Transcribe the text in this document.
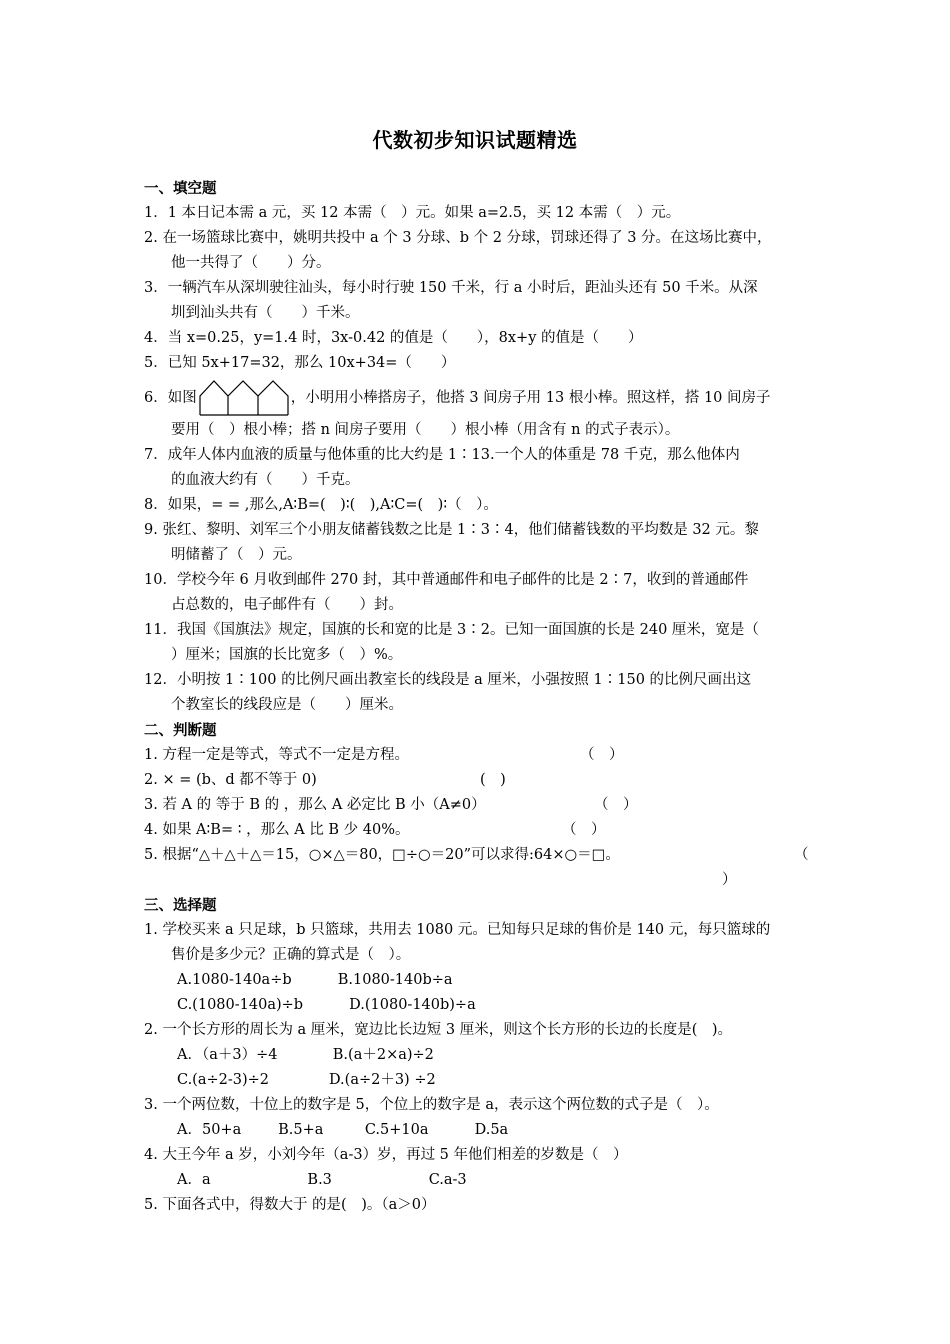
代数初步知识试题精选
一、填空题
1．1 本日记本需 a 元，买 12 本需（　）元。如果 a=2.5，买 12 本需（　）元。
2. 在一场篮球比赛中，姚明共投中 a 个 3 分球、b 个 2 分球，罚球还得了 3 分。在这场比赛中，
他一共得了（　　）分。
3．一辆汽车从深圳驶往汕头，每小时行驶 150 千米，行 a 小时后，距汕头还有 50 千米。从深
圳到汕头共有（　　）千米。
4．当 x=0.25，y=1.4 时，3x-0.42 的值是（　　），8x+y 的值是（　　）
5．已知 5x+17=32，那么 10x+34=（　　）
6．如图	，小明用小棒搭房子，他搭 3 间房子用 13 根小棒。照这样，搭 10 间房子
要用（　）根小棒；搭 n 间房子要用（　　）根小棒（用含有 n 的式子表示）。
7．成年人体内血液的质量与他体重的比大约是 1∶13.一个人的体重是 78 千克，那么他体内
的血液大约有（　　）千克。
8．如果，= = ,那么,A∶B=(　)∶(　),A∶C=(　)∶（　）。
9. 张红、黎明、刘军三个小朋友储蓄钱数之比是 1∶3∶4，他们储蓄钱数的平均数是 32 元。黎
明储蓄了（　）元。
10．学校今年 6 月收到邮件 270 封，其中普通邮件和电子邮件的比是 2∶7，收到的普通邮件
占总数的，电子邮件有（　　）封。
11．我国《国旗法》规定，国旗的长和宽的比是 3∶2。已知一面国旗的长是 240 厘米，宽是（
）厘米；国旗的长比宽多（　）%。
12．小明按 1∶100 的比例尺画出教室长的线段是 a 厘米，小强按照 1∶150 的比例尺画出这
个教室长的线段应是（　　）厘米。
二、判断题
1. 方程一定是等式，等式不一定是方程。	（　）
2. × = (b、d 都不等于 0)	(　)
3. 若 A 的 等于 B 的 ，那么 A 必定比 B 小（A≠0）	（　）
4. 如果 A∶B= ∶ ，那么 A 比 B 少 40%。	（　）
5. 根据“△＋△＋△＝15，○×△＝80，□÷○＝20”可以求得:64×○＝□。	（
）
三、选择题
1. 学校买来 a 只足球，b 只篮球，共用去 1080 元。已知每只足球的售价是 140 元，每只篮球的
售价是多少元？正确的算式是（　）。
A.1080-140a÷b          B.1080-140b÷a
C.(1080-140a)÷b          D.(1080-140b)÷a
2. 一个长方形的周长为 a 厘米，宽边比长边短 3 厘米，则这个长方形的长边的长度是(　)。
A．（a＋3）÷4            B.(a＋2×a)÷2
C.(a÷2-3)÷2             D.(a÷2＋3) ÷2
3. 一个两位数，十位上的数字是 5，个位上的数字是 a，表示这个两位数的式子是（　）。
A．50+a        B.5+a         C.5+10a          D.5a
4. 大王今年 a 岁，小刘今年（a-3）岁，再过 5 年他们相差的岁数是（　）
A．a                     B.3                     C.a-3
5. 下面各式中，得数大于 的是(　)。（a＞0）
